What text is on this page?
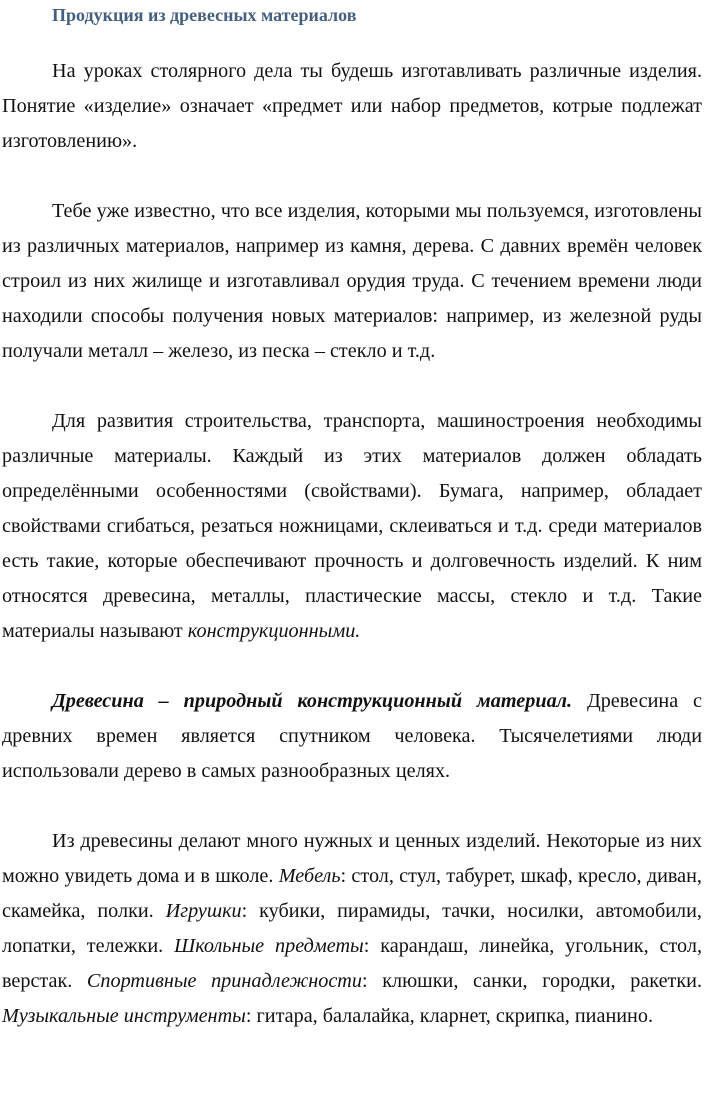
Продукция из древесных материалов

На уроках столярного дела ты будешь изготавливать различные изделия. Понятие «изделие» означает «предмет или набор предметов, котрые подлежат изготовлению».

Тебе уже известно, что все изделия, которыми мы пользуемся, изготовлены из различных материалов, например из камня, дерева. С давних времён человек строил из них жилище и изготавливал орудия труда. С течением времени люди находили способы получения новых материалов: например, из железной руды получали металл – железо, из песка – стекло и т.д.

Для развития строительства, транспорта, машиностроения необходимы различные материалы. Каждый из этих материалов должен обладать определёнными особенностями (свойствами). Бумага, например, обладает свойствами сгибаться, резаться ножницами, склеиваться и т.д. среди материалов есть такие, которые обеспечивают прочность и долговечность изделий. К ним относятся древесина, металлы, пластические массы, стекло и т.д. Такие материалы называют конструкционными.

Древесина – природный конструкционный материал. Древесина с древних времен является спутником человека. Тысячелетиями люди использовали дерево в самых разнообразных целях.

Из древесины делают много нужных и ценных изделий. Некоторые из них можно увидеть дома и в школе. Мебель: стол, стул, табурет, шкаф, кресло, диван, скамейка, полки. Игрушки: кубики, пирамиды, тачки, носилки, автомобили, лопатки, тележки. Школьные предметы: карандаш, линейка, угольник, стол, верстак. Спортивные принадлежности: клюшки, санки, городки, ракетки. Музыкальные инструменты: гитара, балалайка, кларнет, скрипка, пианино.
